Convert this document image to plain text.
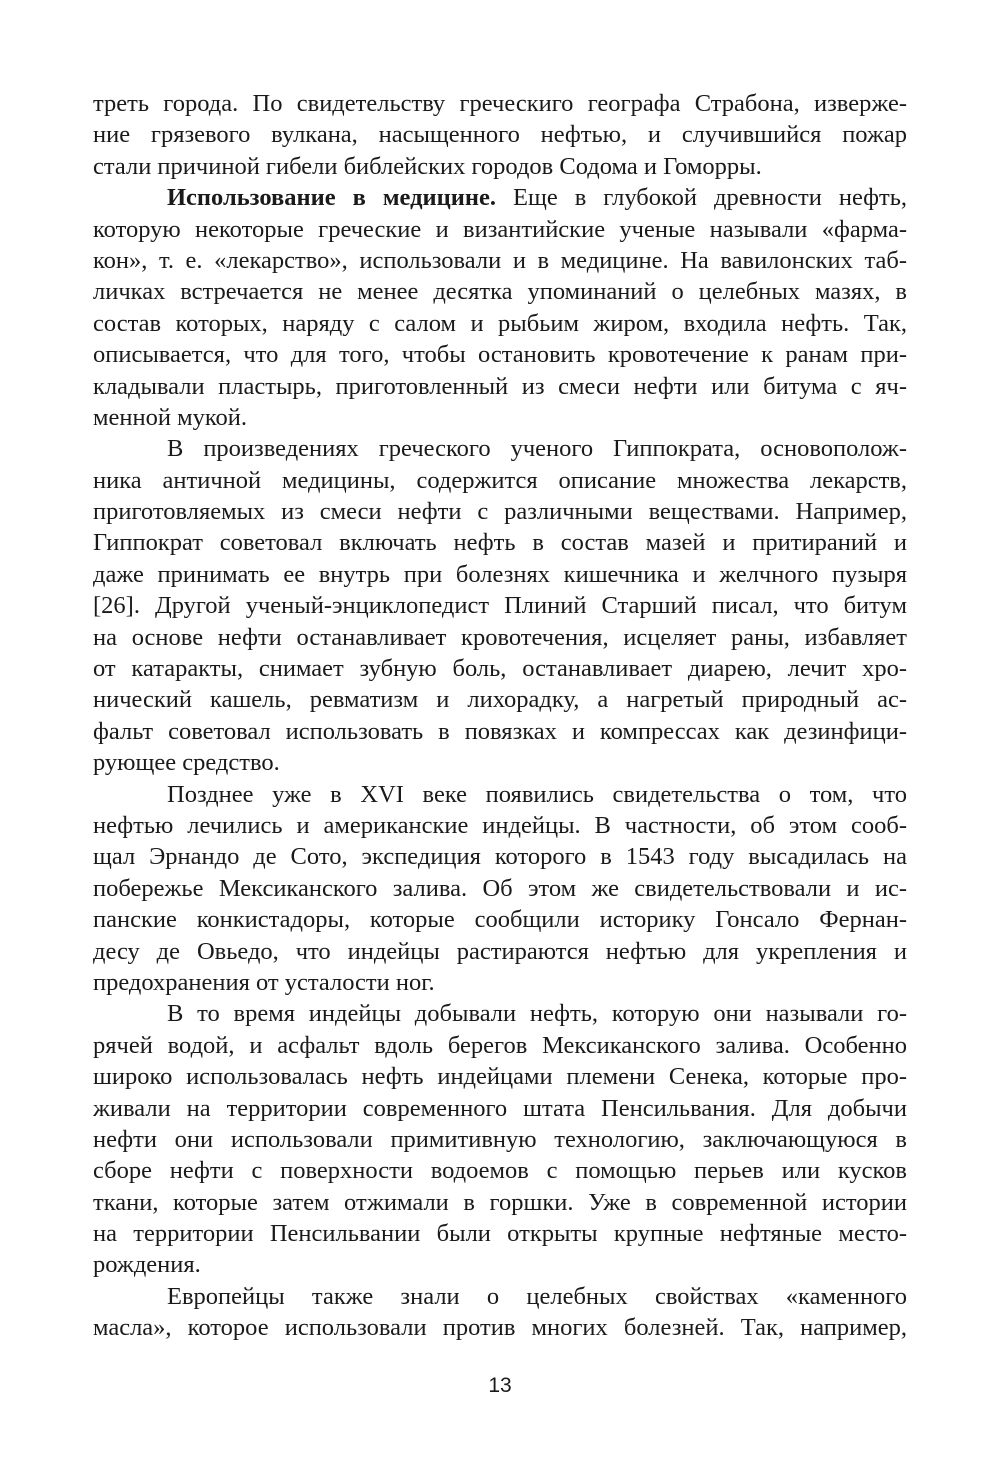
треть города. По свидетельству греческиго географа Страбона, изверже-
ние грязевого вулкана, насыщенного нефтью, и случившийся пожар
стали причиной гибели библейских городов Содома и Гоморры.
Использование в медицине. Еще в глубокой древности нефть,
которую некоторые греческие и византийские ученые называли «фарма-
кон», т. е. «лекарство», использовали и в медицине. На вавилонских таб-
личках встречается не менее десятка упоминаний о целебных мазях, в
состав которых, наряду с салом и рыбьим жиром, входила нефть. Так,
описывается, что для того, чтобы остановить кровотечение к ранам при-
кладывали пластырь, приготовленный из смеси нефти или битума с яч-
менной мукой.
В произведениях греческого ученого Гиппократа, основополож-
ника античной медицины, содержится описание множества лекарств,
приготовляемых из смеси нефти с различными веществами. Например,
Гиппократ советовал включать нефть в состав мазей и притираний и
даже принимать ее внутрь при болезнях кишечника и желчного пузыря
[26]. Другой ученый-энциклопедист Плиний Старший писал, что битум
на основе нефти останавливает кровотечения, исцеляет раны, избавляет
от катаракты, снимает зубную боль, останавливает диарею, лечит хро-
нический кашель, ревматизм и лихорадку, а нагретый природный ас-
фальт советовал использовать в повязках и компрессах как дезинфици-
рующее средство.
Позднее уже в XVI веке появились свидетельства о том, что
нефтью лечились и американские индейцы. В частности, об этом сооб-
щал Эрнандо де Сото, экспедиция которого в 1543 году высадилась на
побережье Мексиканского залива. Об этом же свидетельствовали и ис-
панские конкистадоры, которые сообщили историку Гонсало Фернан-
десу де Овьедо, что индейцы растираются нефтью для укрепления и
предохранения от усталости ног.
В то время индейцы добывали нефть, которую они называли го-
рячей водой, и асфальт вдоль берегов Мексиканского залива. Особенно
широко использовалась нефть индейцами племени Сенека, которые про-
живали на территории современного штата Пенсильвания. Для добычи
нефти они использовали примитивную технологию, заключающуюся в
сборе нефти с поверхности водоемов с помощью перьев или кусков
ткани, которые затем отжимали в горшки. Уже в современной истории
на территории Пенсильвании были открыты крупные нефтяные место-
рождения.
Европейцы также знали о целебных свойствах «каменного
масла», которое использовали против многих болезней. Так, например,
13
